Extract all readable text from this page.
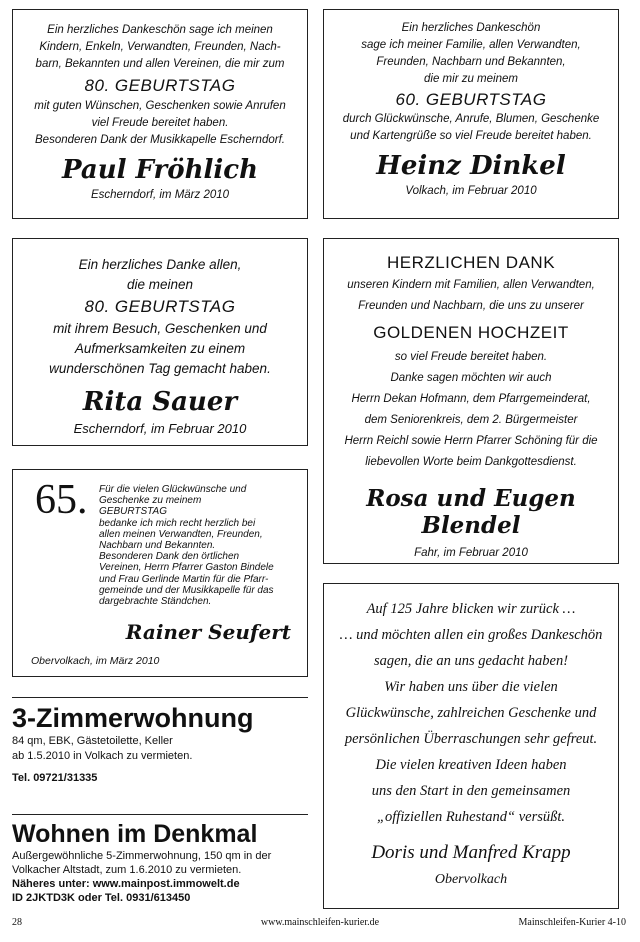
Ein herzliches Dankeschön sage ich meinen

Kindern, Enkeln, Verwandten, Freunden, Nach-

barn, Bekannten und allen Vereinen, die mir zum

80. GEBURTSTAG

mit guten Wünschen, Geschenken sowie Anrufen

viel Freude bereitet haben.

Besonderen Dank der Musikkapelle Escherndorf.

Paul Fröhlich

Escherndorf, im März 2010

Ein herzliches Dankeschön

sage ich meiner Familie, allen Verwandten,

Freunden, Nachbarn und Bekannten,

die mir zu meinem

60. GEBURTSTAG

durch Glückwünsche, Anrufe, Blumen, Geschenke

und Kartengrüße so viel Freude bereitet haben.

Heinz Dinkel

Volkach, im Februar 2010

Ein herzliches Danke allen,

die meinen

80. GEBURTSTAG

mit ihrem Besuch, Geschenken und

Aufmerksamkeiten zu einem

wunderschönen Tag gemacht haben.

Rita Sauer

Escherndorf, im Februar 2010

HERZLICHEN DANK

unseren Kindern mit Familien, allen Verwandten,

Freunden und Nachbarn, die uns zu unserer

GOLDENEN HOCHZEIT

so viel Freude bereitet haben.

Danke sagen möchten wir auch

Herrn Dekan Hofmann, dem Pfarrgemeinderat,

dem Seniorenkreis, dem 2. Bürgermeister

Herrn Reichl sowie Herrn Pfarrer Schöning für die

liebevollen Worte beim Dankgottesdienst.

Rosa und Eugen Blendel

Fahr, im Februar 2010

65. Für die vielen Glückwünsche und

Geschenke zu meinem

GEBURTSTAG

bedanke ich mich recht herzlich bei

allen meinen Verwandten, Freunden,

Nachbarn und Bekannten.

Besonderen Dank den örtlichen

Vereinen, Herrn Pfarrer Gaston Bindele

und Frau Gerlinde Martin für die Pfarr-

gemeinde und der Musikkapelle für das

dargebrachte Ständchen.

Rainer Seufert
Obervolkach, im März 2010

Auf 125 Jahre blicken wir zurück …

… und möchten allen ein großes Dankeschön

sagen, die an uns gedacht haben!

Wir haben uns über die vielen

Glückwünsche, zahlreichen Geschenke und

persönlichen Überraschungen sehr gefreut.

Die vielen kreativen Ideen haben

uns den Start in den gemeinsamen

„offiziellen Ruhestand“ versüßt.

Doris und Manfred Krapp

Obervolkach

3-Zimmerwohnung

84 qm, EBK, Gästetoilette, Keller

ab 1.5.2010 in Volkach zu vermieten.

Tel. 09721/31335

Wohnen im Denkmal

Außergewöhnliche 5-Zimmerwohnung, 150 qm in der

Volkacher Altstadt, zum 1.6.2010 zu vermieten.

Näheres unter: www.mainpost.immowelt.de

ID 2JKTD3K oder Tel. 0931/613450

28	www.mainschleifen-kurier.de	Mainschleifen-Kurier 4-10
